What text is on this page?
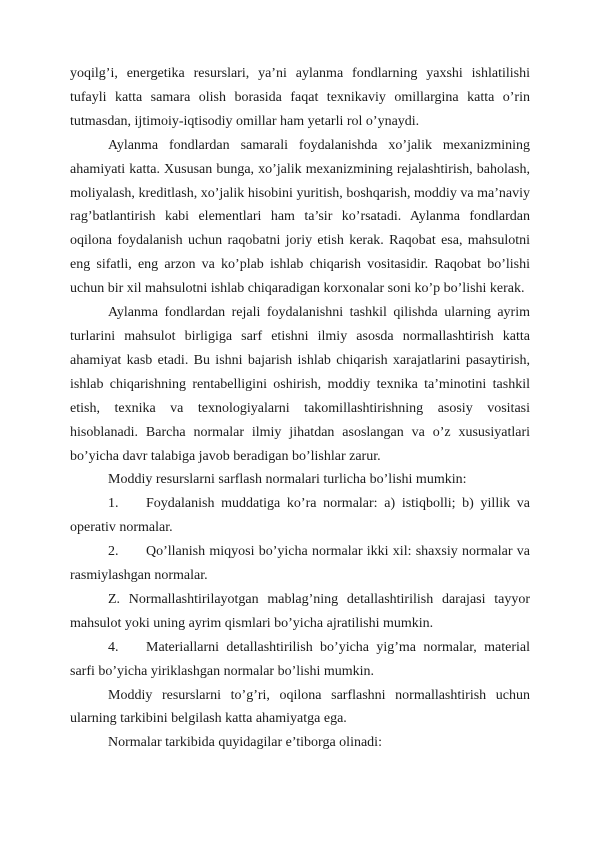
yoqilg’i, energetika resurslari, ya’ni aylanma fondlarning yaxshi ishlatilishi tufayli katta samara olish borasida faqat texnikaviy omillargina katta o’rin tutmasdan, ijtimoiy-iqtisodiy omillar ham yetarli rol o’ynaydi.

Aylanma fondlardan samarali foydalanishda xo’jalik mexanizmining ahamiyati katta. Xususan bunga, xo’jalik mexanizmining rejalashtirish, baholash, moliyalash, kreditlash, xo’jalik hisobini yuritish, boshqarish, moddiy va ma’naviy rag’batlantirish kabi elementlari ham ta’sir ko’rsatadi. Aylanma fondlardan oqilona foydalanish uchun raqobatni joriy etish kerak. Raqobat esa, mahsulotni eng sifatli, eng arzon va ko’plab ishlab chiqarish vositasidir. Raqobat bo’lishi uchun bir xil mahsulotni ishlab chiqaradigan korxonalar soni ko’p bo’lishi kerak.

Aylanma fondlardan rejali foydalanishni tashkil qilishda ularning ayrim turlarini mahsulot birligiga sarf etishni ilmiy asosda normallashtirish katta ahamiyat kasb etadi. Bu ishni bajarish ishlab chiqarish xarajatlarini pasaytirish, ishlab chiqarishning rentabelligini oshirish, moddiy texnika ta’minotini tashkil etish, texnika va texnologiyalarni takomillashtirishning asosiy vositasi hisoblanadi. Barcha normalar ilmiy jihatdan asoslangan va o’z xususiyatlari bo’yicha davr talabiga javob beradigan bo’lishlar zarur.

Moddiy resurslarni sarflash normalari turlicha bo’lishi mumkin:

1. Foydalanish muddatiga ko’ra normalar: a) istiqbolli; b) yillik va operativ normalar.

2. Qo’llanish miqyosi bo’yicha normalar ikki xil: shaxsiy normalar va rasmiylashgan normalar.

Z. Normallashtirilayotgan mablag’ning detallashtirilish darajasi tayyor mahsulot yoki uning ayrim qismlari bo’yicha ajratilishi mumkin.

4. Materiallarni detallashtirilish bo’yicha yig’ma normalar, material sarfi bo’yicha yiriklashgan normalar bo’lishi mumkin.

Moddiy resurslarni to’g’ri, oqilona sarflashni normallashtirish uchun ularning tarkibini belgilash katta ahamiyatga ega.

Normalar tarkibida quyidagilar e’tiborga olinadi:
